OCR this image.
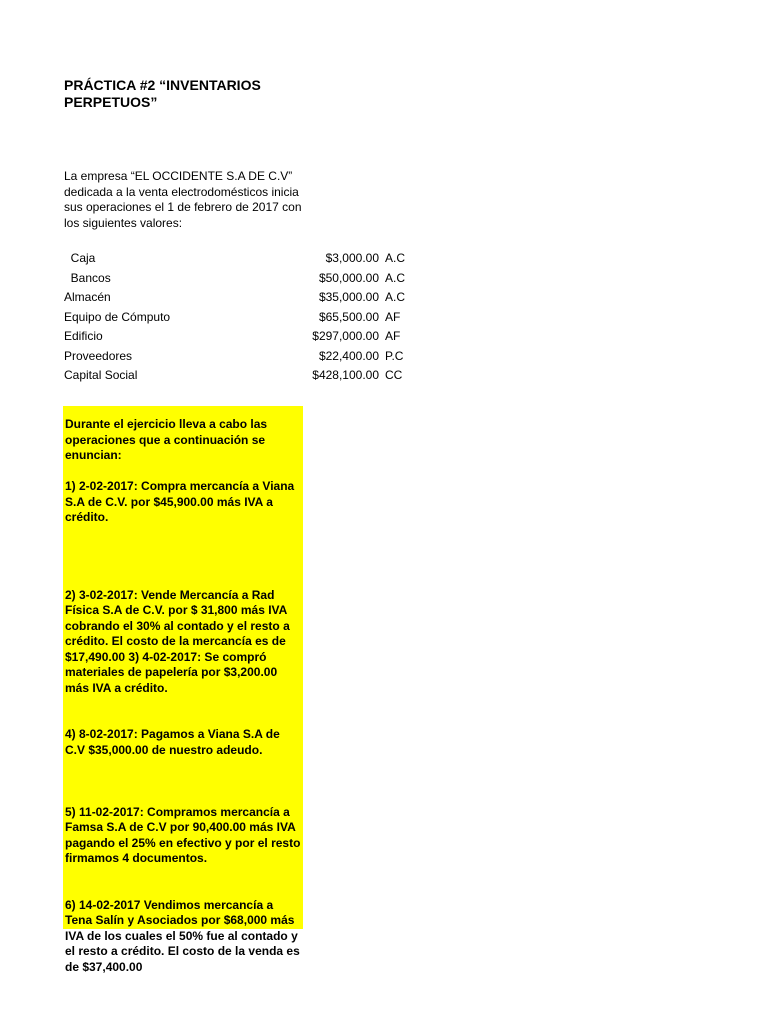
PRÁCTICA #2 “INVENTARIOS
PERPETUOS”
La empresa “EL OCCIDENTE S.A DE C.V” dedicada a la venta electrodomésticos inicia sus operaciones el 1 de febrero de 2017 con los siguientes valores:
Caja	$3,000.00 A.C
Bancos	$50,000.00 A.C
Almacén	$35,000.00 A.C
Equipo de Cómputo	$65,500.00 AF
Edificio	$297,000.00 AF
Proveedores	$22,400.00 P.C
Capital Social	$428,100.00 CC

Durante el ejercicio lleva a cabo las operaciones que a continuación se enuncian:

1) 2-02-2017: Compra mercancía a Viana S.A de C.V. por $45,900.00 más IVA a crédito.

2) 3-02-2017: Vende Mercancía a Rad Física S.A de C.V. por $ 31,800 más IVA cobrando el 30% al contado y el resto a crédito. El costo de la mercancía es de $17,490.00 3) 4-02-2017: Se compró materiales de papelería por $3,200.00 más IVA a crédito.

4) 8-02-2017: Pagamos a Viana S.A de C.V $35,000.00 de nuestro adeudo.

5) 11-02-2017: Compramos mercancía a Famsa S.A de C.V por 90,400.00 más IVA pagando el 25% en efectivo y por el resto firmamos 4 documentos.

6) 14-02-2017 Vendimos mercancía a Tena Salín y Asociados por $68,000 más IVA de los cuales el 50% fue al contado y el resto a crédito. El costo de la venda es de $37,400.00
